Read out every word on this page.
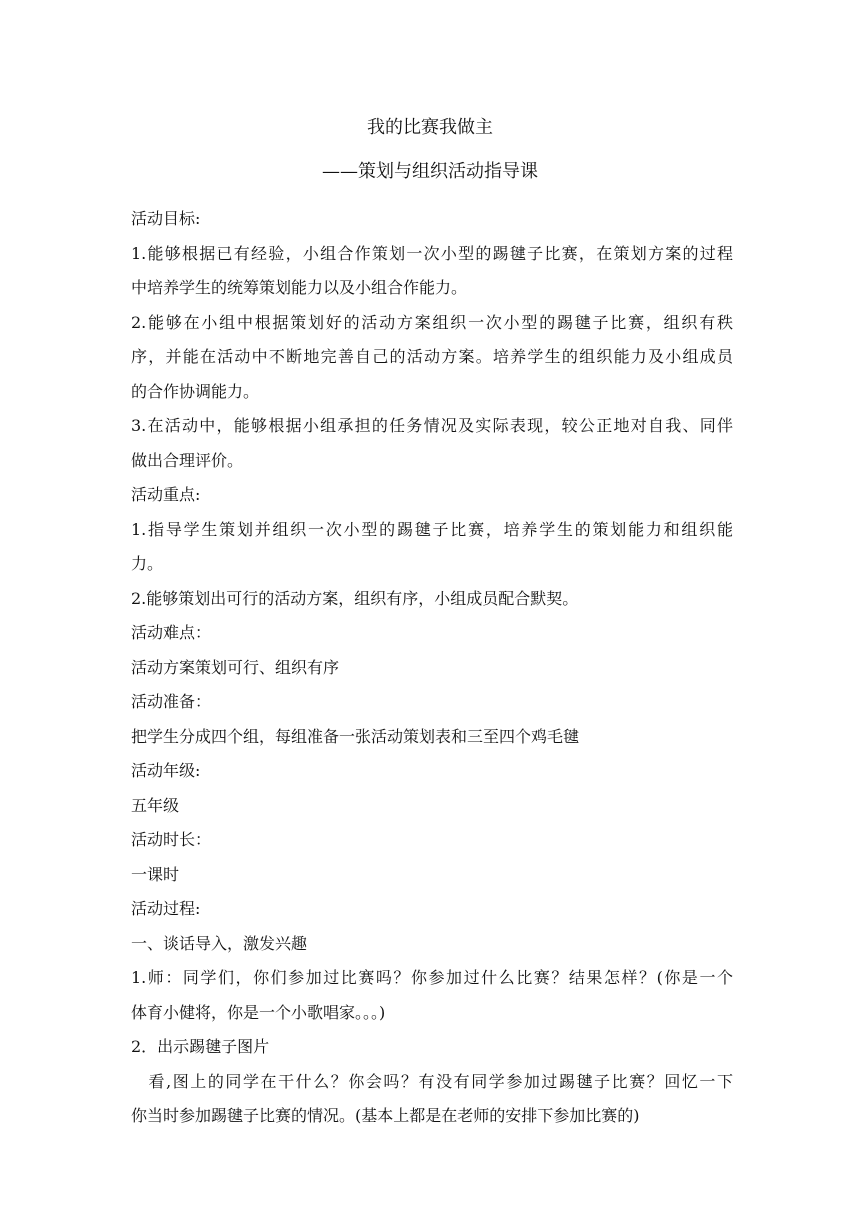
我的比赛我做主
——策划与组织活动指导课
活动目标:
1.能够根据已有经验，小组合作策划一次小型的踢毽子比赛，在策划方案的过程
中培养学生的统筹策划能力以及小组合作能力。
2.能够在小组中根据策划好的活动方案组织一次小型的踢毽子比赛，组织有秩
序，并能在活动中不断地完善自己的活动方案。培养学生的组织能力及小组成员
的合作协调能力。
3.在活动中，能够根据小组承担的任务情况及实际表现，较公正地对自我、同伴
做出合理评价。
活动重点:
1.指导学生策划并组织一次小型的踢毽子比赛，培养学生的策划能力和组织能
力。
2.能够策划出可行的活动方案，组织有序，小组成员配合默契。
活动难点：
活动方案策划可行、组织有序
活动准备：
把学生分成四个组，每组准备一张活动策划表和三至四个鸡毛毽
活动年级:
五年级
活动时长：
一课时
活动过程:
一、谈话导入，激发兴趣
1.师：同学们，你们参加过比赛吗？你参加过什么比赛？结果怎样？(你是一个
体育小健将，你是一个小歌唱家。。。)
2．出示踢毽子图片
　看,图上的同学在干什么？你会吗？有没有同学参加过踢毽子比赛？回忆一下
你当时参加踢毽子比赛的情况。(基本上都是在老师的安排下参加比赛的)
